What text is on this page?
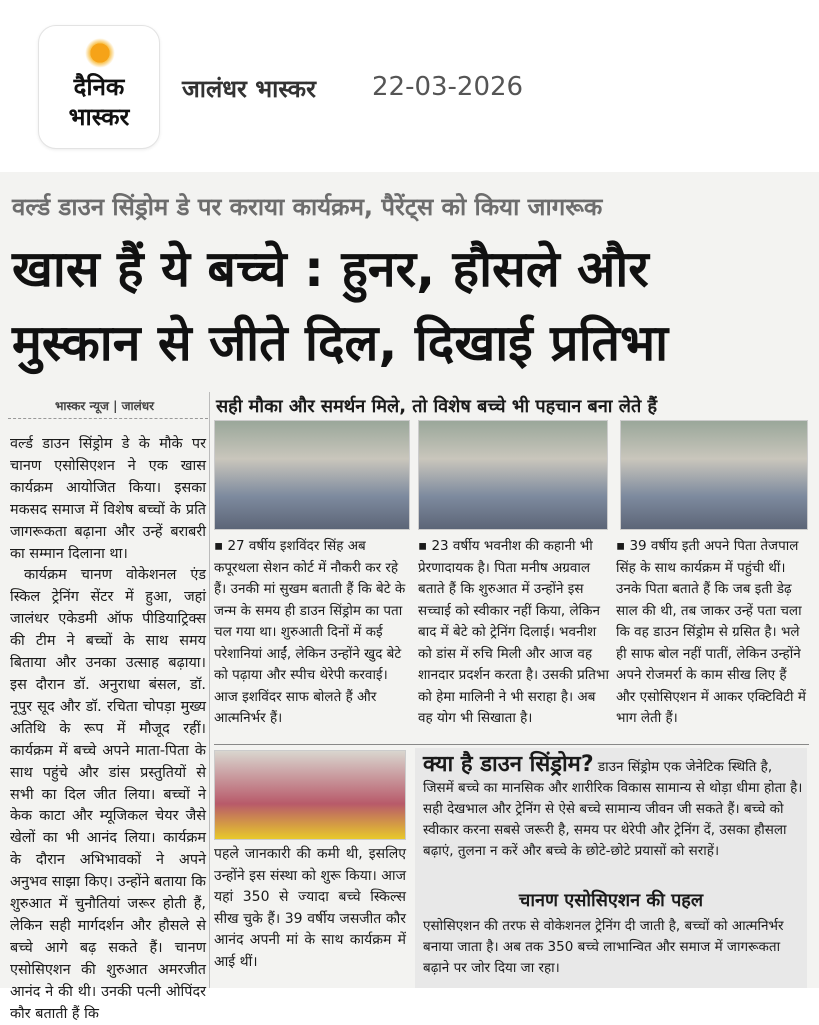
दैनिक
भास्कर
जालंधर भास्कर 22-03-2026
वर्ल्ड डाउन सिंड्रोम डे पर कराया कार्यक्रम, पैरेंट्स को किया जागरूक
खास हैं ये बच्चे : हुनर, हौसले और
मुस्कान से जीते दिल, दिखाई प्रतिभा
भास्कर न्यूज | जालंधर

वर्ल्ड डाउन सिंड्रोम डे के मौके पर चानण एसोसिएशन ने एक खास कार्यक्रम आयोजित किया। इसका मकसद समाज में विशेष बच्चों के प्रति जागरूकता बढ़ाना और उन्हें बराबरी का सम्मान दिलाना था।

कार्यक्रम चानण वोकेशनल एंड स्किल ट्रेनिंग सेंटर में हुआ, जहां जालंधर एकेडमी ऑफ पीडियाट्रिक्स की टीम ने बच्चों के साथ समय बिताया और उनका उत्साह बढ़ाया। इस दौरान डॉ. अनुराधा बंसल, डॉ. नूपुर सूद और डॉ. रचिता चोपड़ा मुख्य अतिथि के रूप में मौजूद रहीं। कार्यक्रम में बच्चे अपने माता-पिता के साथ पहुंचे और डांस प्रस्तुतियों से सभी का दिल जीत लिया। बच्चों ने केक काटा और म्यूजिकल चेयर जैसे खेलों का भी आनंद लिया। कार्यक्रम के दौरान अभिभावकों ने अपने अनुभव साझा किए। उन्होंने बताया कि शुरुआत में चुनौतियां जरूर होती हैं, लेकिन सही मार्गदर्शन और हौसले से बच्चे आगे बढ़ सकते हैं। चानण एसोसिएशन की शुरुआत अमरजीत आनंद ने की थी। उनकी पत्नी ओपिंदर कौर बताती हैं कि

सही मौका और समर्थन मिले, तो विशेष बच्चे भी पहचान बना लेते हैं
▪ 27 वर्षीय इशविंदर सिंह अब कपूरथला सेशन कोर्ट में नौकरी कर रहे हैं। उनकी मां सुखम बताती हैं कि बेटे के जन्म के समय ही डाउन सिंड्रोम का पता चल गया था। शुरुआती दिनों में कई परेशानियां आईं, लेकिन उन्होंने खुद बेटे को पढ़ाया और स्पीच थेरेपी करवाई। आज इशविंदर साफ बोलते हैं और आत्मनिर्भर हैं।
▪ 23 वर्षीय भवनीश की कहानी भी प्रेरणादायक है। पिता मनीष अग्रवाल बताते हैं कि शुरुआत में उन्होंने इस सच्चाई को स्वीकार नहीं किया, लेकिन बाद में बेटे को ट्रेनिंग दिलाई। भवनीश को डांस में रुचि मिली और आज वह शानदार प्रदर्शन करता है। उसकी प्रतिभा को हेमा मालिनी ने भी सराहा है। अब वह योग भी सिखाता है।
▪ 39 वर्षीय इती अपने पिता तेजपाल सिंह के साथ कार्यक्रम में पहुंची थीं। उनके पिता बताते हैं कि जब इती डेढ़ साल की थी, तब जाकर उन्हें पता चला कि वह डाउन सिंड्रोम से ग्रसित है। भले ही साफ बोल नहीं पातीं, लेकिन उन्होंने अपने रोजमर्रा के काम सीख लिए हैं और एसोसिएशन में आकर एक्टिविटी में भाग लेती हैं।
पहले जानकारी की कमी थी, इसलिए उन्होंने इस संस्था को शुरू किया। आज यहां 350 से ज्यादा बच्चे स्किल्स सीख चुके हैं। 39 वर्षीय जसजीत कौर आनंद अपनी मां के साथ कार्यक्रम में आई थीं।
क्या है डाउन सिंड्रोम? डाउन सिंड्रोम एक जेनेटिक स्थिति है, जिसमें बच्चे का मानसिक और शारीरिक विकास सामान्य से थोड़ा धीमा होता है। सही देखभाल और ट्रेनिंग से ऐसे बच्चे सामान्य जीवन जी सकते हैं। बच्चे को स्वीकार करना सबसे जरूरी है, समय पर थेरेपी और ट्रेनिंग दें, उसका हौसला बढ़ाएं, तुलना न करें और बच्चे के छोटे-छोटे प्रयासों को सराहें।
चानण एसोसिएशन की पहल
एसोसिएशन की तरफ से वोकेशनल ट्रेनिंग दी जाती है, बच्चों को आत्मनिर्भर बनाया जाता है। अब तक 350 बच्चे लाभान्वित और समाज में जागरूकता बढ़ाने पर जोर दिया जा रहा।
